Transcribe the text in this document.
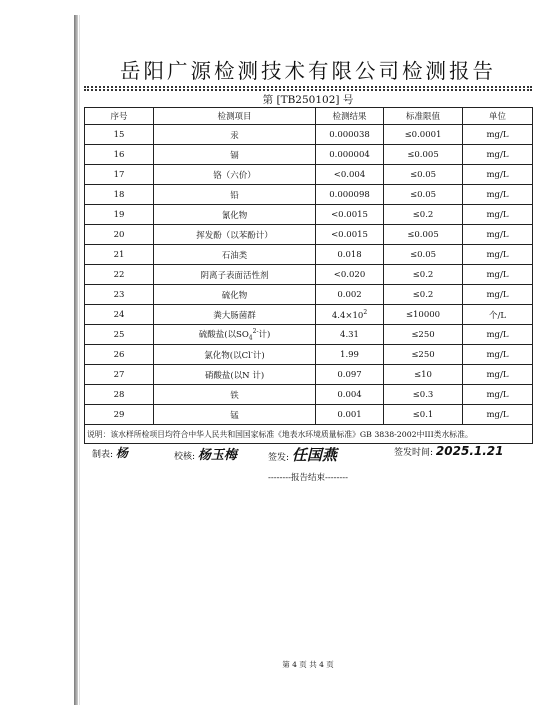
岳阳广源检测技术有限公司检测报告
第 [TB250102] 号
序号	检测项目	检测结果	标准限值	单位
15	汞	0.000038	≤0.0001	mg/L
16	镉	0.000004	≤0.005	mg/L
17	铬（六价）	<0.004	≤0.05	mg/L
18	铅	0.000098	≤0.05	mg/L
19	氰化物	<0.0015	≤0.2	mg/L
20	挥发酚（以苯酚计）	<0.0015	≤0.005	mg/L
21	石油类	0.018	≤0.05	mg/L
22	阴离子表面活性剂	<0.020	≤0.2	mg/L
23	硫化物	0.002	≤0.2	mg/L
24	粪大肠菌群	$4.4\times 10^2$	≤10000	个/L
25	硫酸盐(以$SO_4^{2-}$计)	4.31	≤250	mg/L
26	氯化物(以Cl-计)	1.99	≤250	mg/L
27	硝酸盐(以N 计)	0.097	≤10	mg/L
28	铁	0.004	≤0.3	mg/L
29	锰	0.001	≤0.1	mg/L
说明：该水样所检项目均符合中华人民共和国国家标准《地表水环境质量标准》GB 3838-2002中III类水标准。				
制表: 杨	校核: 杨玉梅	签发: 任国燕	签发时间: 2025.1.21
--------报告结束--------
第 4 页 共 4 页
